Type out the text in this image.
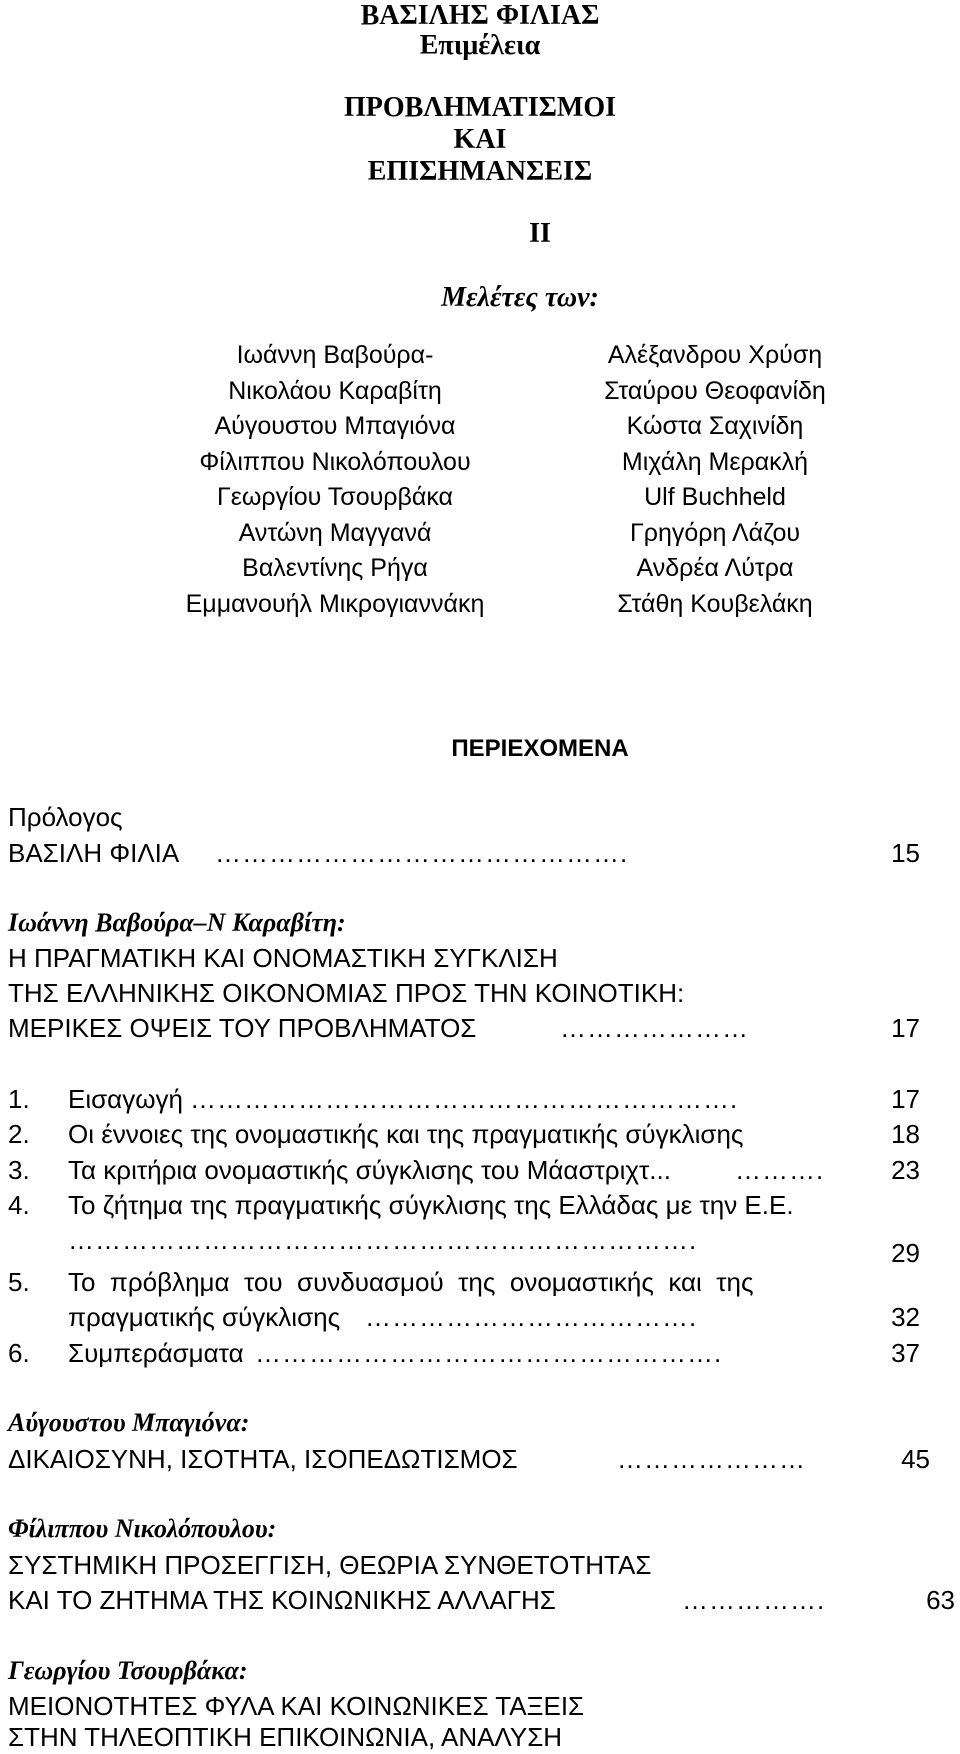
ΒΑΣΙΛΗΣ ΦΙΛΙΑΣ
Επιμέλεια
ΠΡΟΒΛΗΜΑΤΙΣΜΟΙ
ΚΑΙ
ΕΠΙΣΗΜΑΝΣΕΙΣ
ΙΙ
Μελέτες των:
Ιωάννη Βαβούρα-
Νικολάου Καραβίτη
Αύγουστου Μπαγιόνα
Φίλιππου Νικολόπουλου
Γεωργίου Τσουρβάκα
Αντώνη Μαγγανά
Βαλεντίνης Ρήγα
Εμμανουήλ Μικρογιαννάκη
Αλέξανδρου Χρύση
Σταύρου Θεοφανίδη
Κώστα Σαχινίδη
Μιχάλη Μερακλή
Ulf Buchheld
Γρηγόρη Λάζου
Ανδρέα Λύτρα
Στάθη Κουβελάκη
ΠΕΡΙΕΧΟΜΕΝΑ
Πρόλογος
ΒΑΣΙΛΗ ΦΙΛΙΑ ……………………………………….	15
Ιωάννη Βαβούρα–Ν Καραβίτη:
Η ΠΡΑΓΜΑΤΙΚΗ ΚΑΙ ΟΝΟΜΑΣΤΙΚΗ ΣΥΓΚΛΙΣΗ
ΤΗΣ ΕΛΛΗΝΙΚΗΣ ΟΙΚΟΝΟΜΙΑΣ ΠΡΟΣ ΤΗΝ ΚΟΙΝΟΤΙΚΗ:
ΜΕΡΙΚΕΣ ΟΨΕΙΣ ΤΟΥ ΠΡΟΒΛΗΜΑΤΟΣ	…………………	17
1. Εισαγωγή …………………………………………………….	17
2. Οι έννοιες της ονομαστικής και της πραγματικής σύγκλισης	18
3. Τα κριτήρια ονομαστικής σύγκλισης του Μάαστριχτ... ……….	23
4. Το ζήτημα της πραγματικής σύγκλισης της Ελλάδας με την Ε.Ε.
…………………………………………………………….	29
5. Το  πρόβλημα  του  συνδυασμού  της  ονομαστικής  και  της
πραγματικής σύγκλισης ……………………………….	32
6. Συμπεράσματα …………………………………………….	37
Αύγουστου Μπαγιόνα:
ΔΙΚΑΙΟΣΥΝΗ, ΙΣΟΤΗΤΑ, ΙΣΟΠΕΔΩΤΙΣΜΟΣ	…………………	45
Φίλιππου Νικολόπουλου:
ΣΥΣΤΗΜΙΚΗ ΠΡΟΣΕΓΓΙΣΗ, ΘΕΩΡΙΑ ΣΥΝΘΕΤΟΤΗΤΑΣ
ΚΑΙ ΤΟ ΖΗΤΗΜΑ ΤΗΣ ΚΟΙΝΩΝΙΚΗΣ ΑΛΛΑΓΗΣ	…………….	63
Γεωργίου Τσουρβάκα:
ΜΕΙΟΝΟΤΗΤΕΣ ΦΥΛΑ ΚΑΙ ΚΟΙΝΩΝΙΚΕΣ ΤΑΞΕΙΣ
ΣΤΗΝ ΤΗΛΕΟΠΤΙΚΗ ΕΠΙΚΟΙΝΩΝΙΑ, ΑΝΑΛΥΣΗ
